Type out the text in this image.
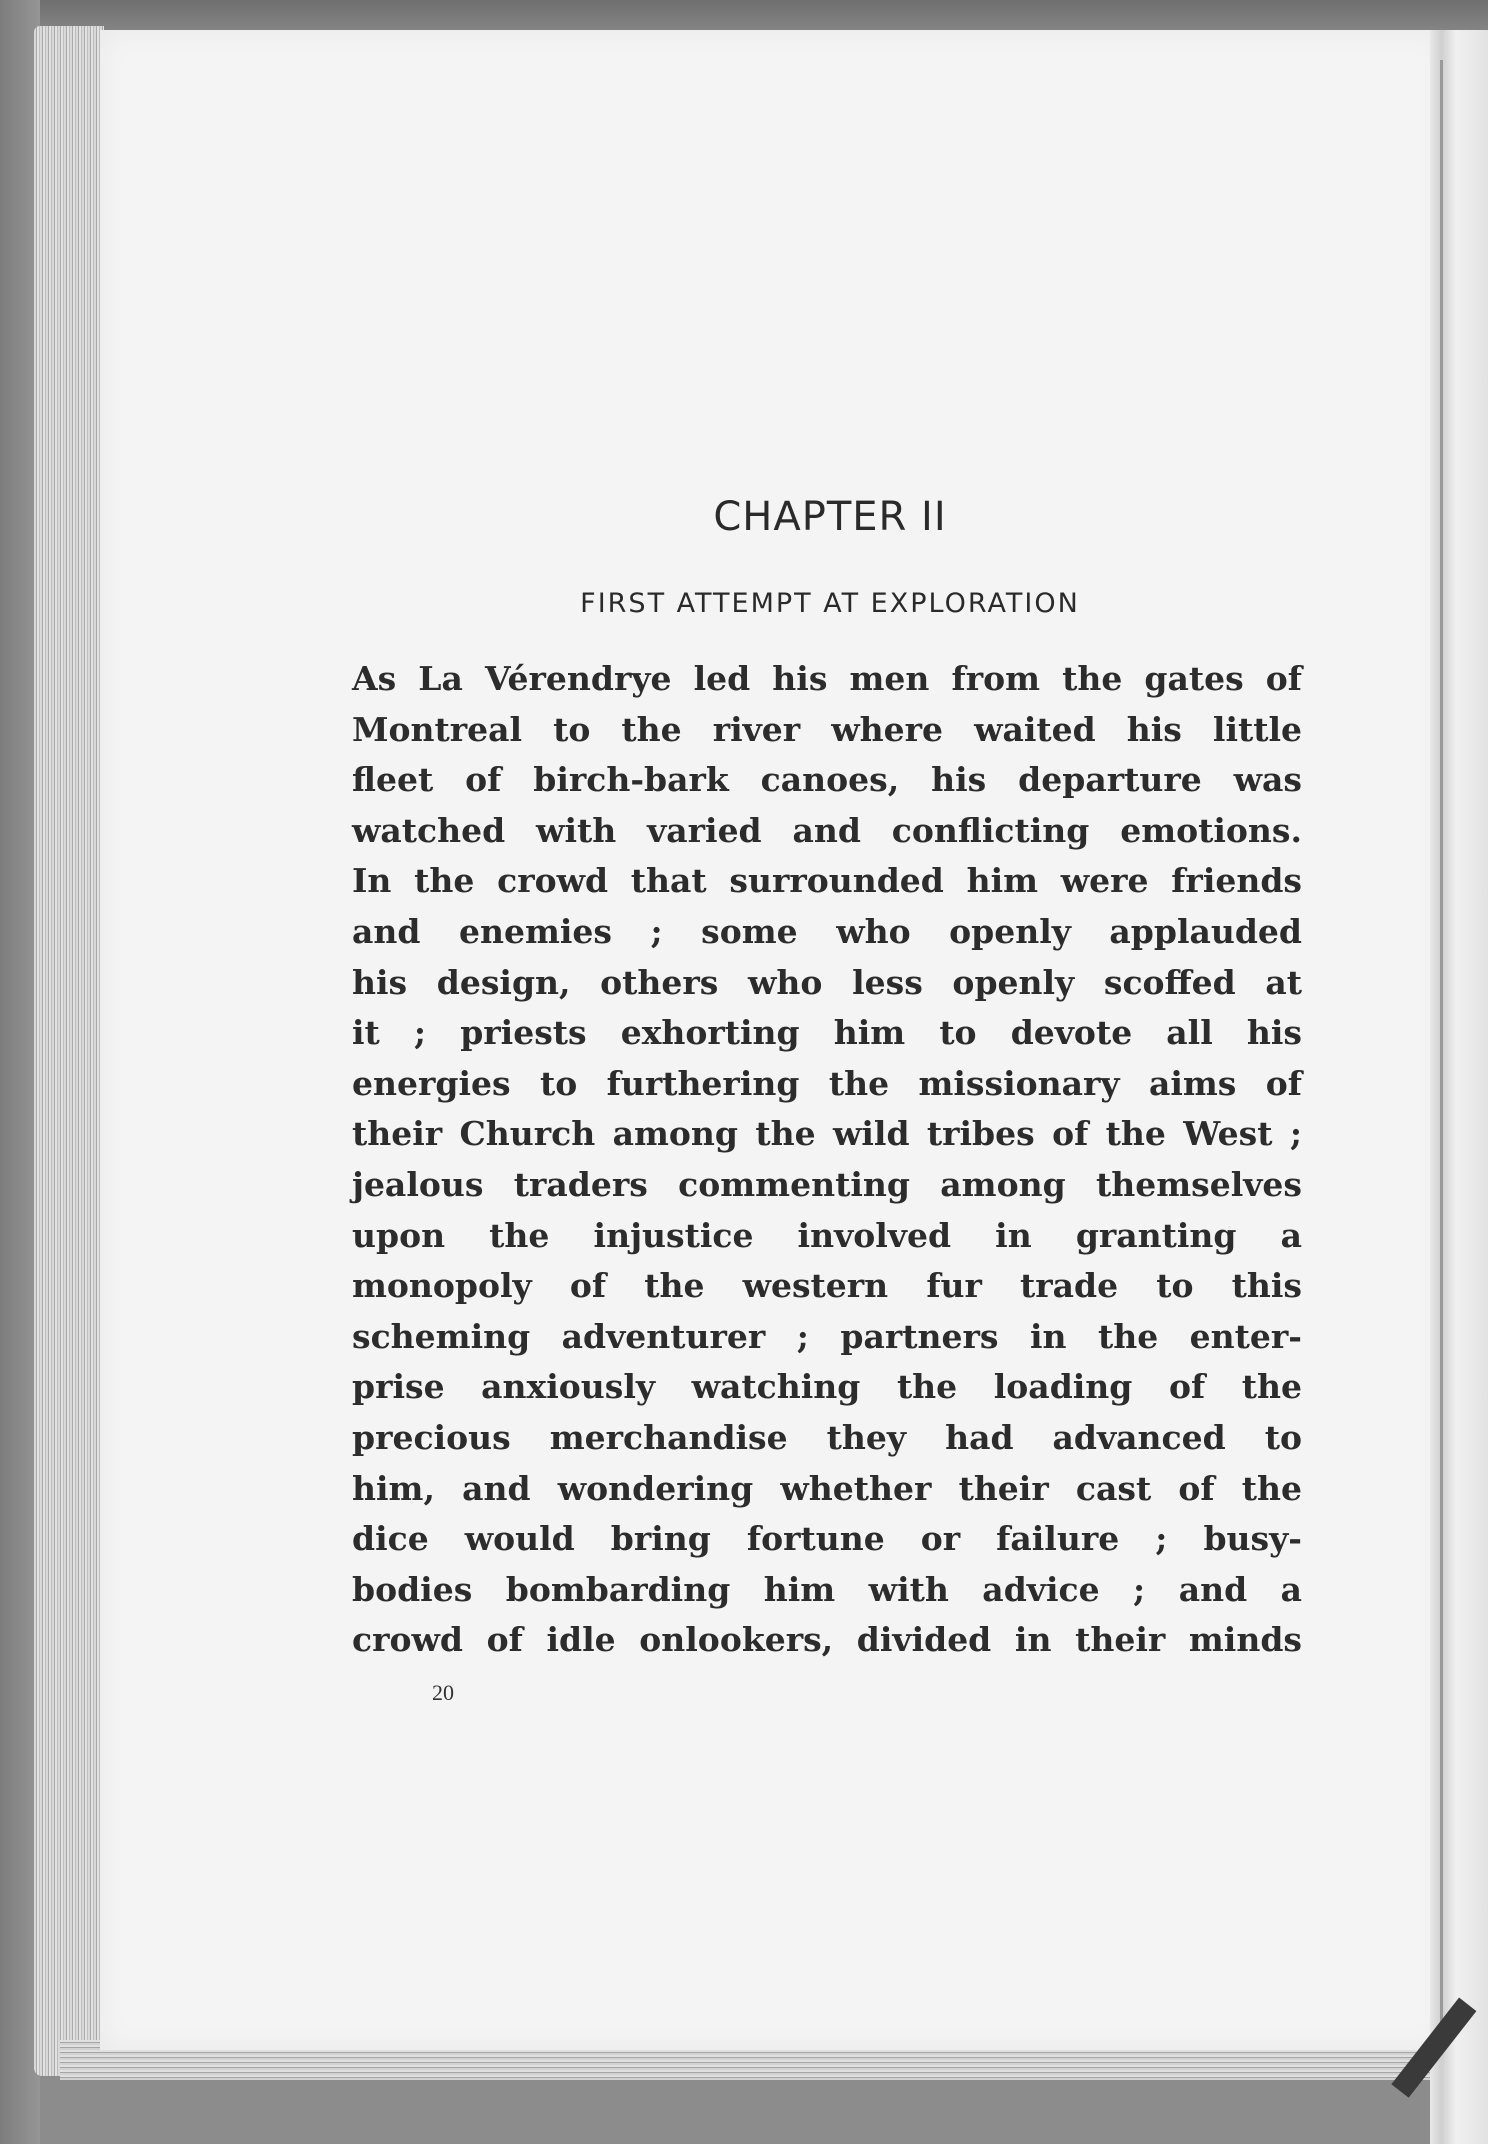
CHAPTER II
FIRST ATTEMPT AT EXPLORATION
As La Vérendrye led his men from the gates of
Montreal to the river where waited his little
fleet of birch-bark canoes, his departure was
watched with varied and conflicting emotions.
In the crowd that surrounded him were friends
and enemies ; some who openly applauded
his design, others who less openly scoffed at
it ; priests exhorting him to devote all his
energies to furthering the missionary aims of
their Church among the wild tribes of the West ;
jealous traders commenting among themselves
upon the injustice involved in granting a
monopoly of the western fur trade to this
scheming adventurer ; partners in the enter-
prise anxiously watching the loading of the
precious merchandise they had advanced to
him, and wondering whether their cast of the
dice would bring fortune or failure ; busy-
bodies bombarding him with advice ; and a
crowd of idle onlookers, divided in their minds
20
